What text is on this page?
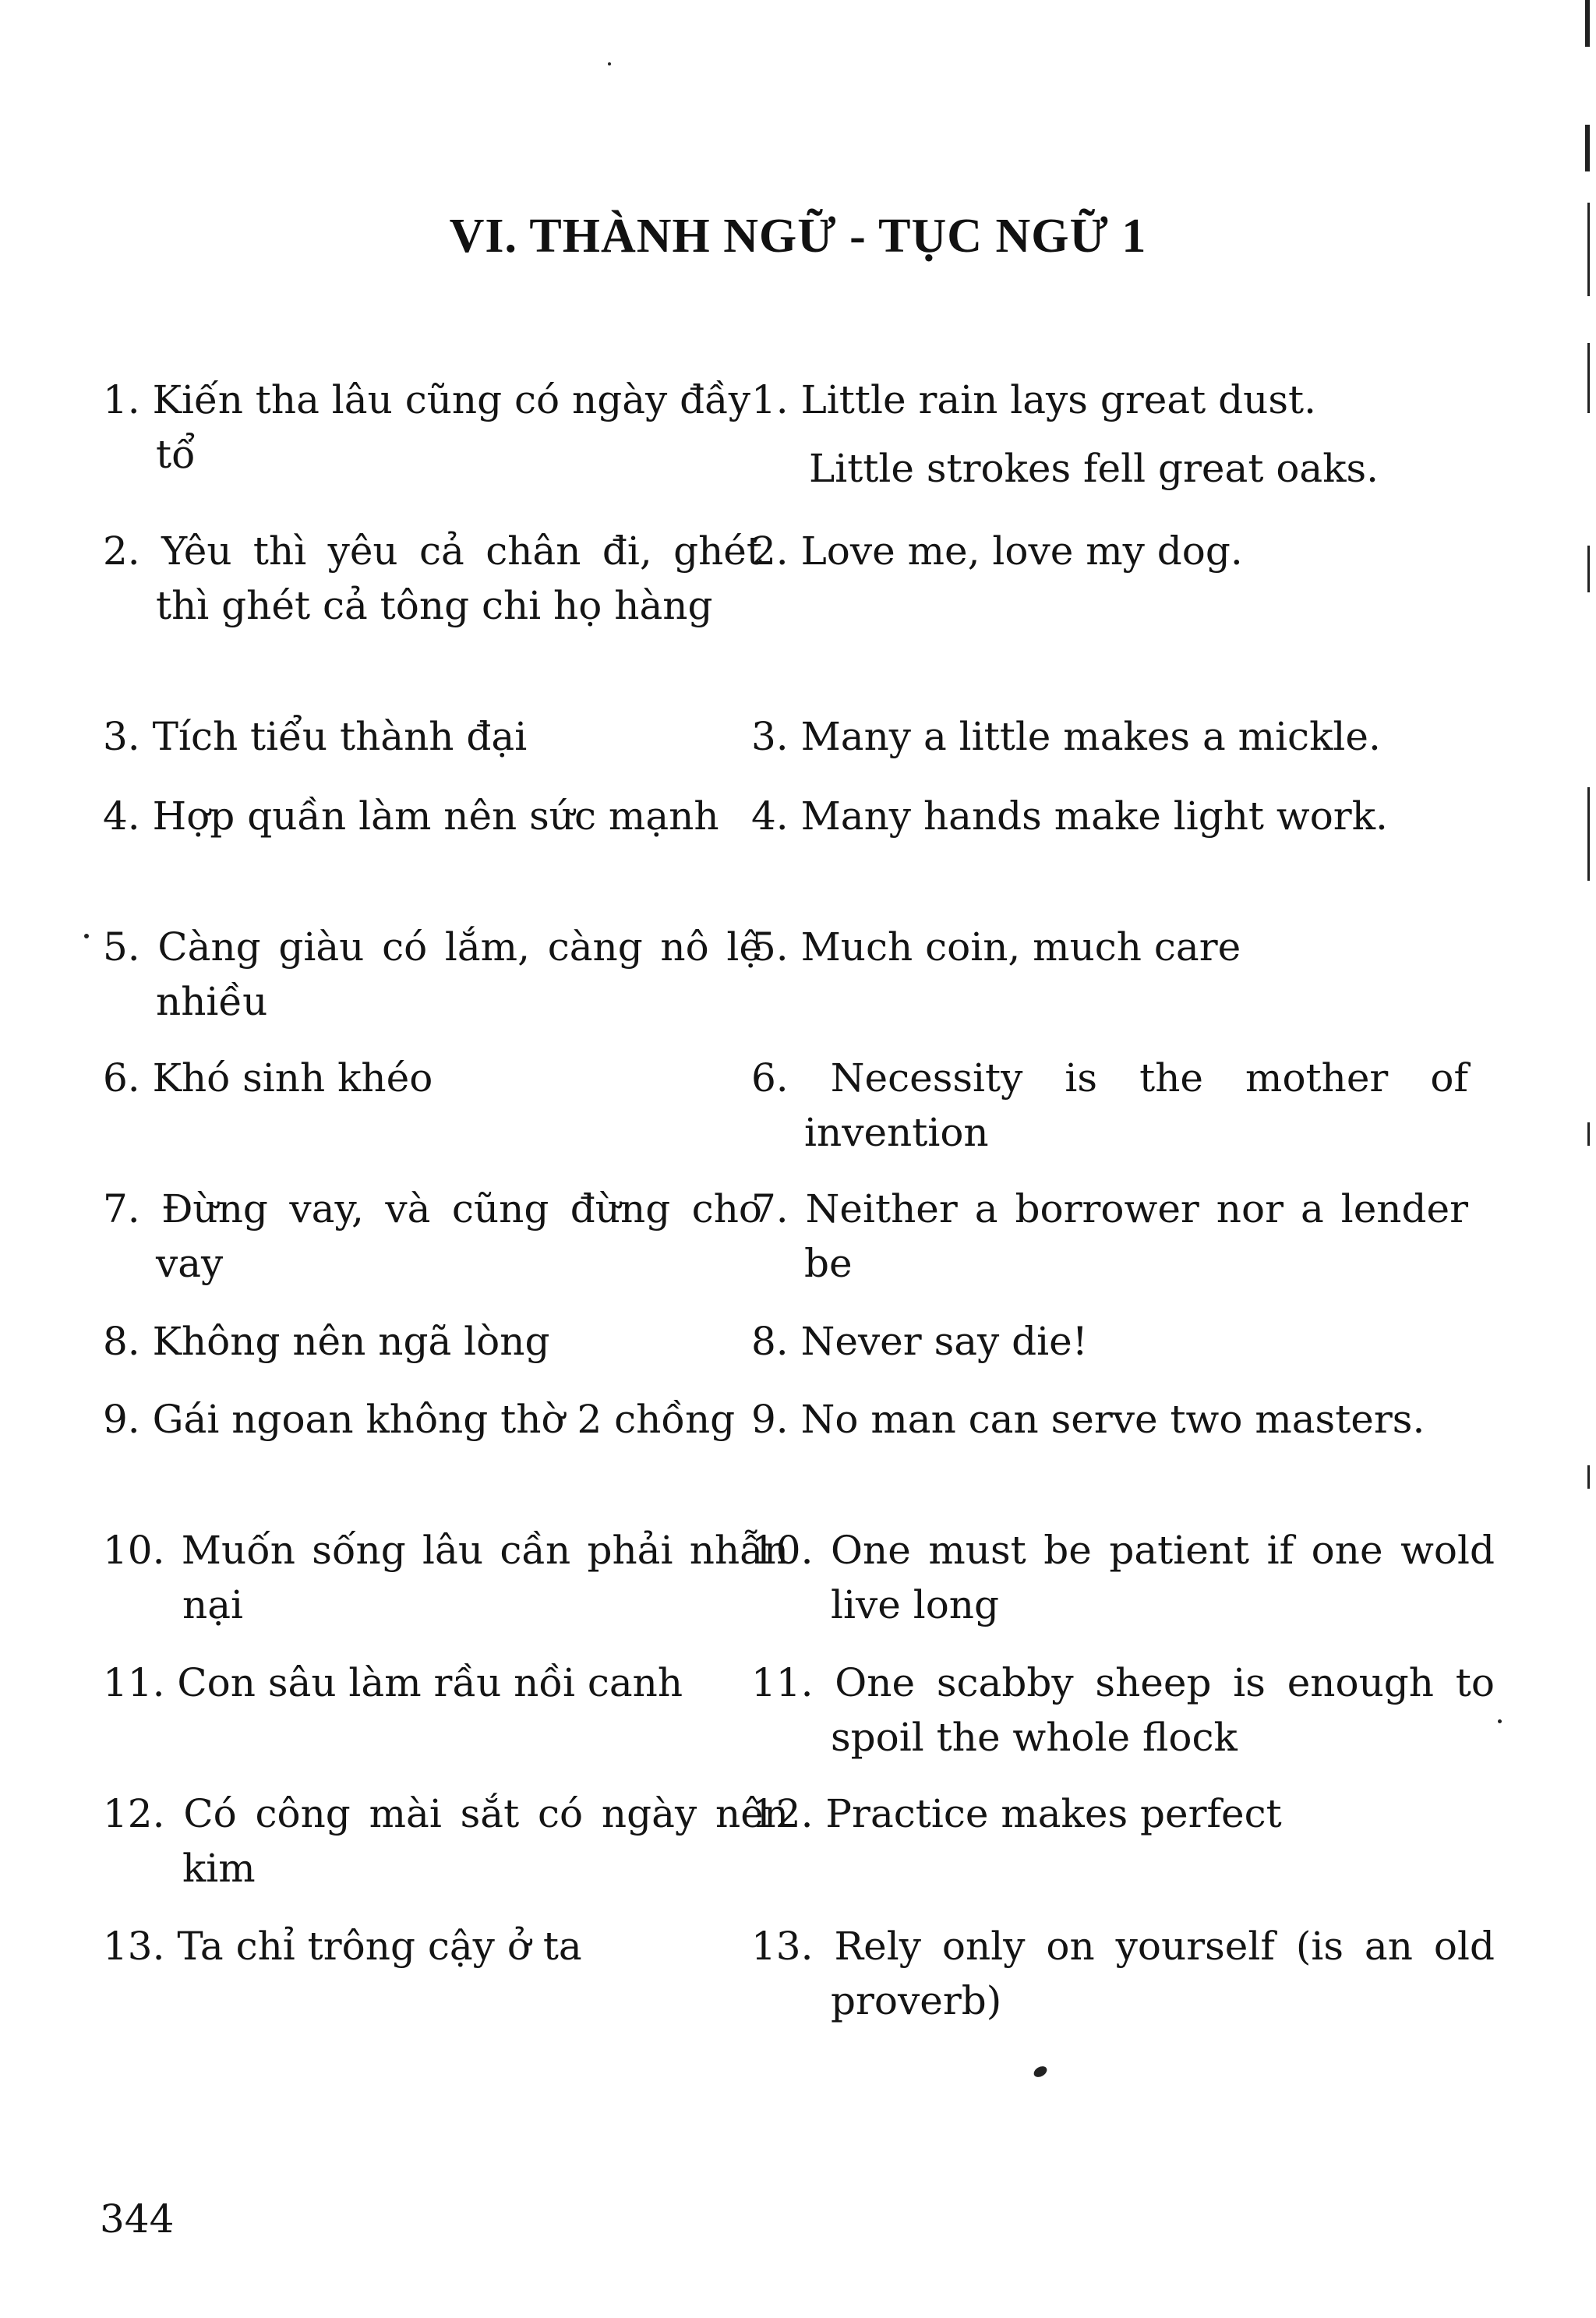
VI. THÀNH NGỮ - TỤC NGỮ 1
1. Kiến tha lâu cũng có ngày đầy tổ
1. Little rain lays great dust.
Little strokes fell great oaks.
2. Yêu thì yêu cả chân đi, ghét thì ghét cả tông chi họ hàng
2. Love me, love my dog.
3. Tích tiểu thành đại	3. Many a little makes a mickle.
4. Hợp quần làm nên sức mạnh 4. Many hands make light work.
5. Càng giàu có lắm, càng nô lệ nhiều
5. Much coin, much care
6. Khó sinh khéo	6. Necessity is the mother of invention
7. Đừng vay, và cũng đừng cho vay
7. Neither a borrower nor a lender be
8. Không nên ngã lòng	8. Never say die!
9. Gái ngoan không thờ 2 chồng 9. No man can serve two masters.
10. Muốn sống lâu cần phải nhẫn nại
10. One must be patient if one wold live long
11. Con sâu làm rầu nồi canh	11. One scabby sheep is enough to spoil the whole flock
12. Có công mài sắt có ngày nên kim
12. Practice makes perfect
13. Ta chỉ trông cậy ở ta	13. Rely only on yourself (is an old proverb)
344
